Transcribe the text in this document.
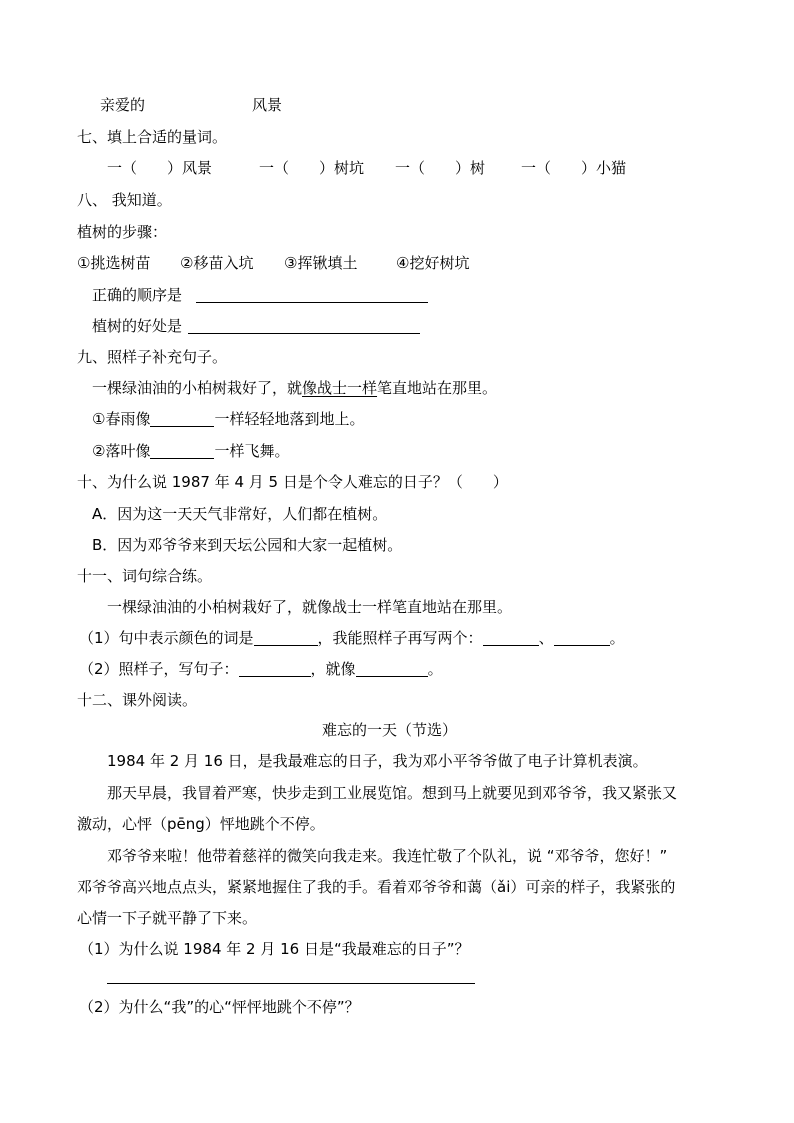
亲爱的	风景
七、填上合适的量词。
一（　　）风景	一（　　）树坑 一（　　）树 一（　　）小猫
八、 我知道。
植树的步骤：
①挑选树苗 ②移苗入坑 ③挥锹填土	④挖好树坑
正确的顺序是
植树的好处是
九、照样子补充句子。
一棵绿油油的小柏树栽好了，就像战士一样笔直地站在那里。
①春雨像	一样轻轻地落到地上。
②落叶像	一样飞舞。
十、为什么说 1987 年 4 月 5 日是个令人难忘的日子？（　　）
A．因为这一天天气非常好，人们都在植树。
B．因为邓爷爷来到天坛公园和大家一起植树。
十一、词句综合练。
一棵绿油油的小柏树栽好了，就像战士一样笔直地站在那里。
（1）句中表示颜色的词是	，我能照样子再写两个：	、	。
（2）照样子，写句子：	，就像	。
十二、课外阅读。
难忘的一天（节选）
1984 年 2 月 16 日，是我最难忘的日子，我为邓小平爷爷做了电子计算机表演。
那天早晨，我冒着严寒，快步走到工业展览馆。想到马上就要见到邓爷爷，我又紧张又
激动，心怦（pēng）怦地跳个不停。
邓爷爷来啦！他带着慈祥的微笑向我走来。我连忙敬了个队礼，说 “邓爷爷，您好！”
邓爷爷高兴地点点头，紧紧地握住了我的手。看着邓爷爷和蔼（ǎi）可亲的样子，我紧张的
心情一下子就平静了下来。
（1）为什么说 1984 年 2 月 16 日是“我最难忘的日子”？
（2）为什么“我”的心“怦怦地跳个不停”？
